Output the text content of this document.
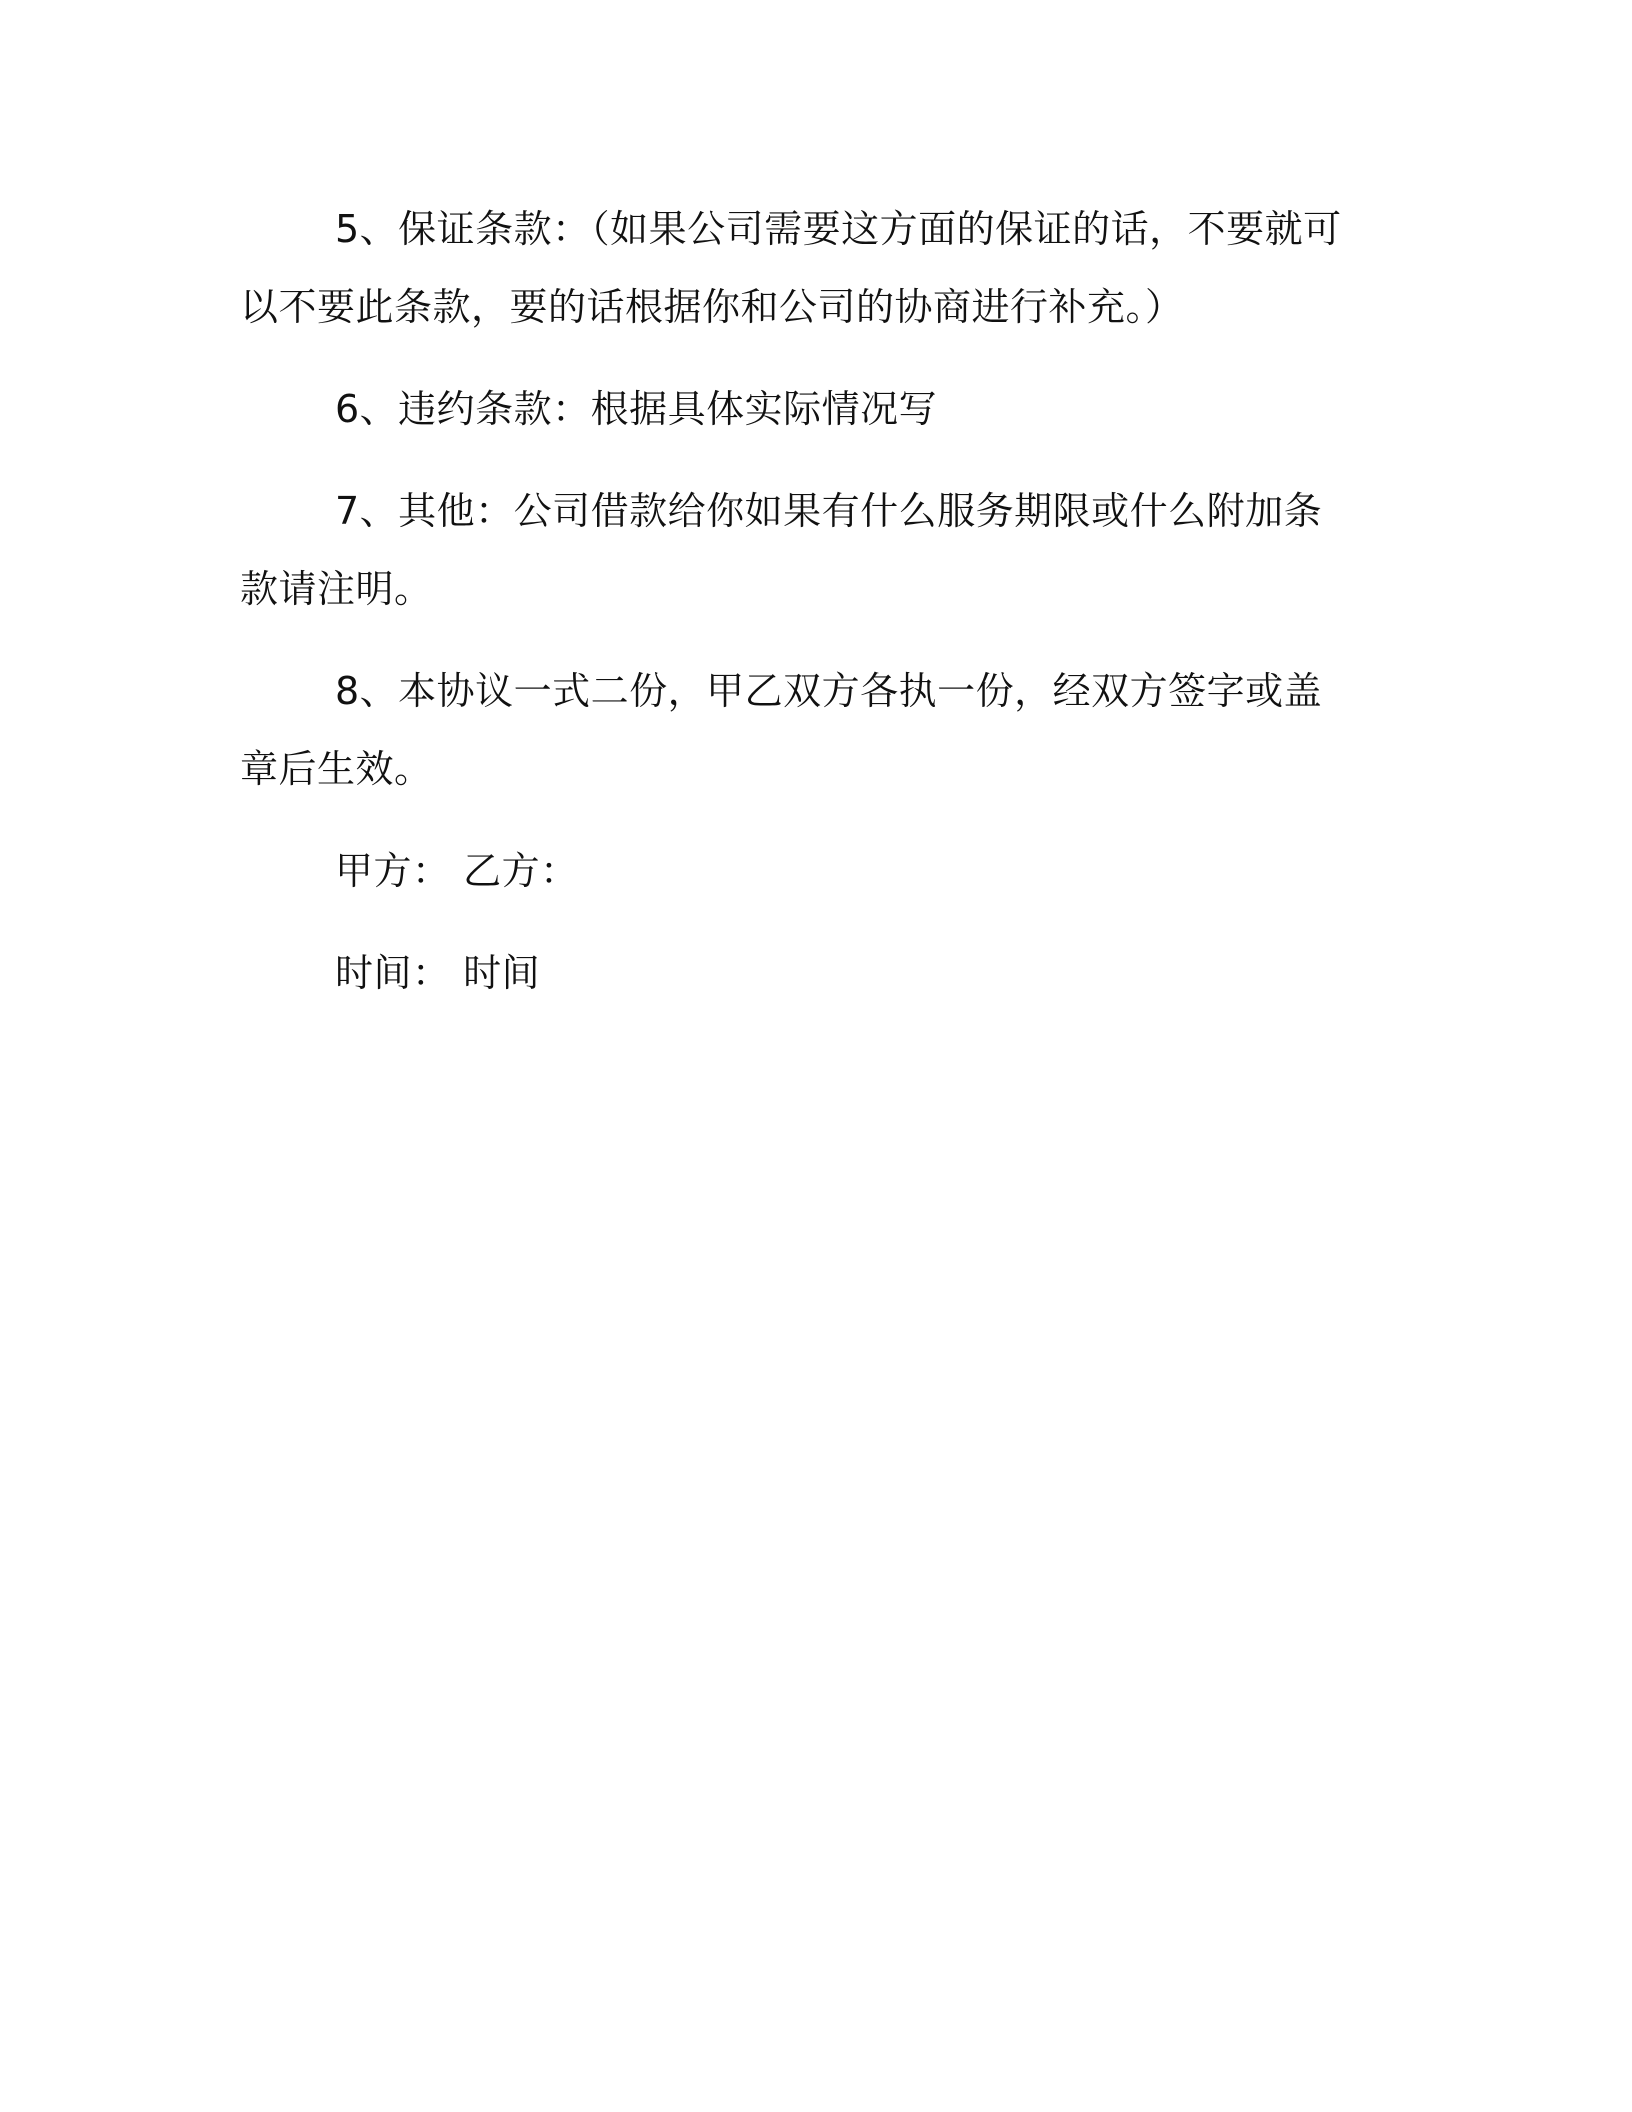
5、保证条款：（如果公司需要这方面的保证的话，不要就可以不要此条款，要的话根据你和公司的协商进行补充。）

6、违约条款：根据具体实际情况写

7、其他：公司借款给你如果有什么服务期限或什么附加条款请注明。

8、本协议一式二份，甲乙双方各执一份，经双方签字或盖章后生效。

甲方： 乙方：

时间： 时间
